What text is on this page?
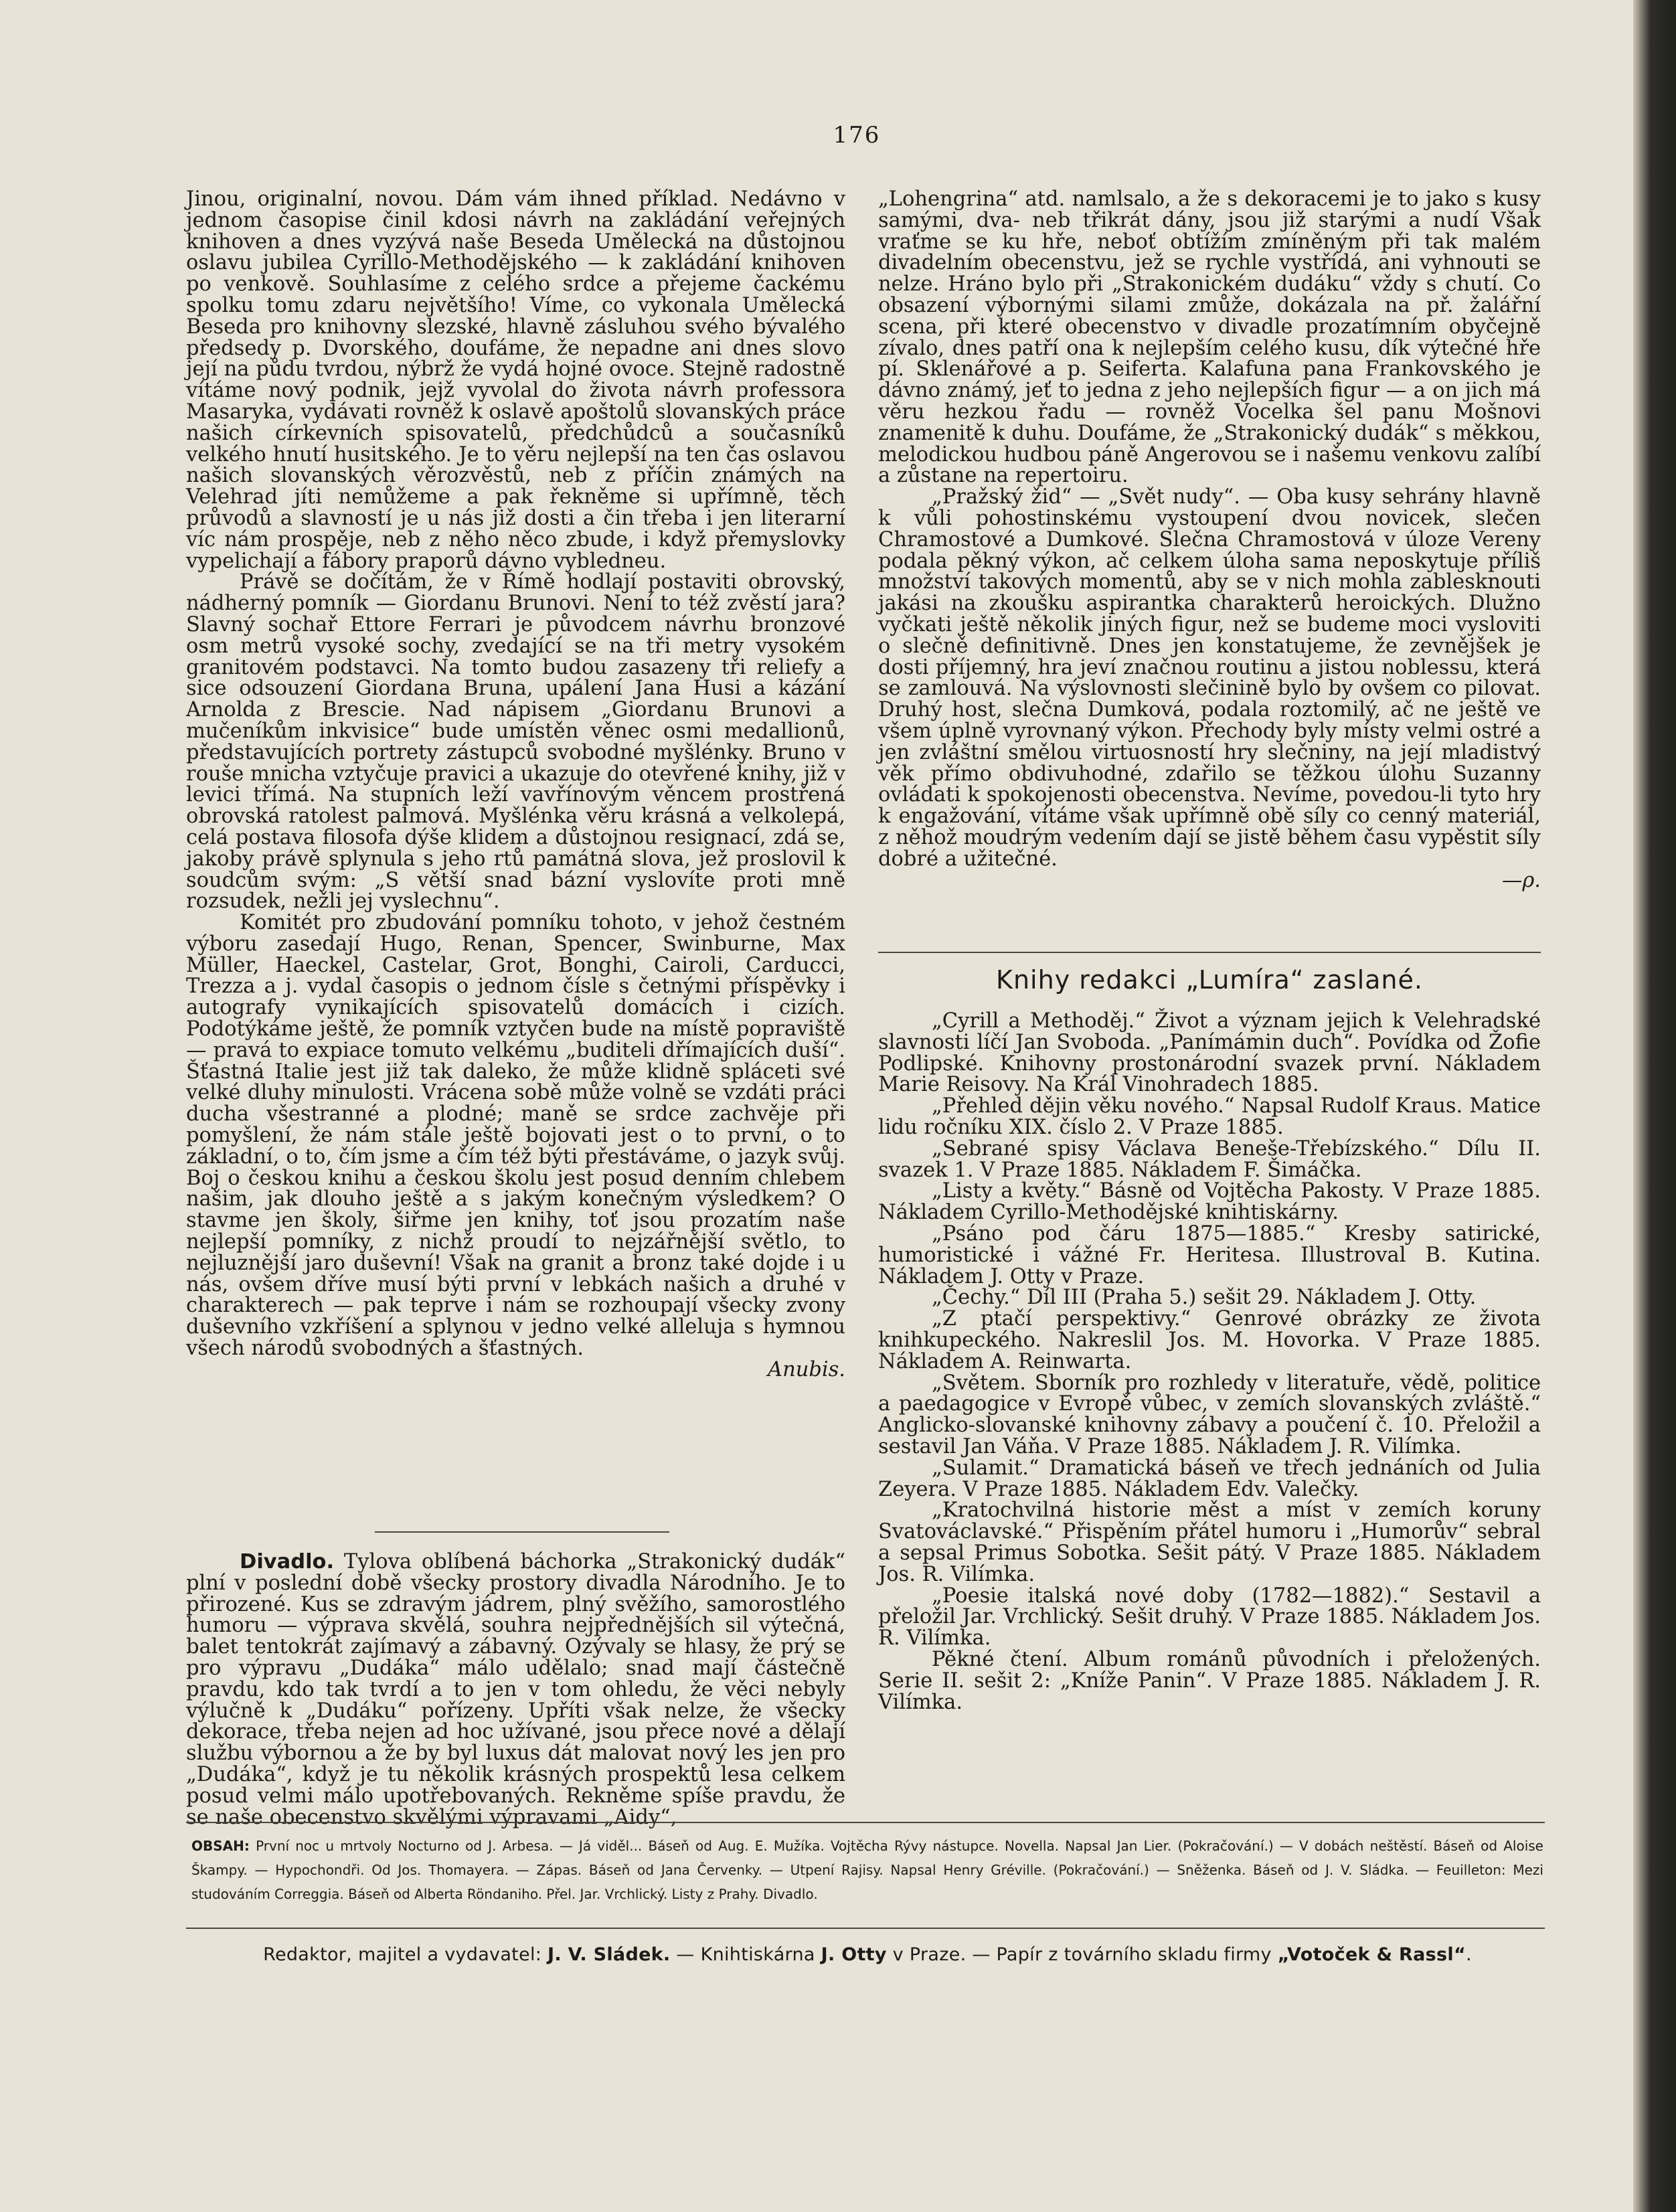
176

Jinou, originalní, novou. Dám vám ihned příklad. Nedávno v jednom časopise činil kdosi návrh na zakládání veřejných knihoven a dnes vyzývá naše Beseda Umělecká na důstojnou oslavu jubilea Cyrillo-Methodějského — k zakládání knihoven po venkově. Souhlasíme z celého srdce a přejeme čackému spolku tomu zdaru největšího! Víme, co vykonala Umělecká Beseda pro knihovny slezské, hlavně zásluhou svého bývalého předsedy p. Dvorského, doufáme, že nepadne ani dnes slovo její na půdu tvrdou, nýbrž že vydá hojné ovoce. Stejně radostně vítáme nový podnik, jejž vyvolal do života návrh professora Masaryka, vydávati rovněž k oslavě apoštolů slovanských práce našich církevních spisovatelů, předchůdců a současníků velkého hnutí husitského. Je to věru nejlepší na ten čas oslavou našich slovanských věrozvěstů, neb z příčin známých na Velehrad jíti nemůžeme a pak řekněme si upřímně, těch průvodů a slavností je u nás již dosti a čin třeba i jen literarní víc nám prospěje, neb z něho něco zbude, i když přemyslovky vypelichají a fábory praporů dávno vybledneu.

Právě se dočítám, že v Římě hodlají postaviti obrovský, nádherný pomník — Giordanu Brunovi. Není to též zvěstí jara? Slavný sochař Ettore Ferrari je původcem návrhu bronzové osm metrů vysoké sochy, zvedající se na tři metry vysokém granitovém podstavci. Na tomto budou zasazeny tři reliefy a sice odsouzení Giordana Bruna, upálení Jana Husi a kázání Arnolda z Brescie. Nad nápisem „Giordanu Brunovi a mučeníkům inkvisice“ bude umístěn věnec osmi medallionů, představujících portrety zástupců svobodné myšlénky. Bruno v rouše mnicha vztyčuje pravici a ukazuje do otevřené knihy, již v levici třímá. Na stupních leží vavřínovým věncem prostřená obrovská ratolest palmová. Myšlénka věru krásná a velkolepá, celá postava filosofa dýše klidem a důstojnou resignací, zdá se, jakoby právě splynula s jeho rtů památná slova, jež proslovil k soudcům svým: „S větší snad bázní vyslovíte proti mně rozsudek, nežli jej vyslechnu“.

Komitét pro zbudování pomníku tohoto, v jehož čestném výboru zasedají Hugo, Renan, Spencer, Swinburne, Max Müller, Haeckel, Castelar, Grot, Bonghi, Cairoli, Carducci, Trezza a j. vydal časopis o jednom čísle s četnými příspěvky i autografy vynikajících spisovatelů domácích i cizích. Podotýkáme ještě, že pomník vztyčen bude na místě popraviště — pravá to expiace tomuto velkému „buditeli dřímajících duší“. Šťastná Italie jest již tak daleko, že může klidně spláceti své velké dluhy minulosti. Vrácena sobě může volně se vzdáti práci ducha všestranné a plodné; maně se srdce zachvěje při pomyšlení, že nám stále ještě bojovati jest o to první, o to základní, o to, čím jsme a čím též býti přestáváme, o jazyk svůj. Boj o českou knihu a českou školu jest posud denním chlebem našim, jak dlouho ještě a s jakým konečným výsledkem? O stavme jen školy, šiřme jen knihy, toť jsou prozatím naše nejlepší pomníky, z nichž proudí to nejzářnější světlo, to nejluznější jaro duševní! Však na granit a bronz také dojde i u nás, ovšem dříve musí býti první v lebkách našich a druhé v charakterech — pak teprve i nám se rozhoupají všecky zvony duševního vzkříšení a splynou v jedno velké alleluja s hymnou všech národů svobodných a šťastných.

Anubis.

Divadlo. Tylova oblíbená báchorka „Strakonický dudák“ plní v poslední době všecky prostory divadla Národního. Je to přirozené. Kus se zdravým jádrem, plný svěžího, samorostlého humoru — výprava skvělá, souhra nejpřednějších sil výtečná, balet tentokrát zajímavý a zábavný. Ozývaly se hlasy, že prý se pro výpravu „Dudáka“ málo udělalo; snad mají částečně pravdu, kdo tak tvrdí a to jen v tom ohledu, že věci nebyly výlučně k „Dudáku“ pořízeny. Upříti však nelze, že všecky dekorace, třeba nejen ad hoc užívané, jsou přece nové a dělají službu výbornou a že by byl luxus dát malovat nový les jen pro „Dudáka“, když je tu několik krásných prospektů lesa celkem posud velmi málo upotřebovaných. Rekněme spíše pravdu, že se naše obecenstvo skvělými výpravami „Aidy“,

„Lohengrina“ atd. namlsalo, a že s dekoracemi je to jako s kusy samými, dva- neb třikrát dány, jsou již starými a nudí Však vraťme se ku hře, neboť obtížím zmíněným při tak malém divadelním obecenstvu, jež se rychle vystřídá, ani vyhnouti se nelze. Hráno bylo při „Strakonickém dudáku“ vždy s chutí. Co obsazení výbornými silami zmůže, dokázala na př. žalářní scena, při které obecenstvo v divadle prozatímním obyčejně zívalo, dnes patří ona k nejlepším celého kusu, dík výtečné hře pí. Sklenářové a p. Seiferta. Kalafuna pana Frankovského je dávno známý, jeť to jedna z jeho nejlepších figur — a on jich má věru hezkou řadu — rovněž Vocelka šel panu Mošnovi znamenitě k duhu. Doufáme, že „Strakonický dudák“ s měkkou, melodickou hudbou páně Angerovou se i našemu venkovu zalíbí a zůstane na repertoiru.

„Pražský žid“ — „Svět nudy“. — Oba kusy sehrány hlavně k vůli pohostinskému vystoupení dvou novicek, slečen Chramostové a Dumkové. Slečna Chramostová v úloze Vereny podala pěkný výkon, ač celkem úloha sama neposkytuje příliš množství takových momentů, aby se v nich mohla zablesknouti jakási na zkoušku aspirantka charakterů heroických. Dlužno vyčkati ještě několik jiných figur, než se budeme moci vysloviti o slečně definitivně. Dnes jen konstatujeme, že zevnějšek je dosti příjemný, hra jeví značnou routinu a jistou noblessu, která se zamlouvá. Na výslovnosti slečinině bylo by ovšem co pilovat. Druhý host, slečna Dumková, podala roztomilý, ač ne ještě ve všem úplně vyrovnaný výkon. Přechody byly místy velmi ostré a jen zvláštní smělou virtuosností hry slečniny, na její mladistvý věk přímo obdivuhodné, zdařilo se těžkou úlohu Suzanny ovládati k spokojenosti obecenstva. Nevíme, povedou-li tyto hry k engažování, vítáme však upřímně obě síly co cenný materiál, z něhož moudrým vedením dají se jistě během času vypěstit síly dobré a užitečné.

—ρ.
Knihy redakci „Lumíra“ zaslané.

„Cyrill a Methoděj.“ Život a význam jejich k Velehradské slavnosti líčí Jan Svoboda. „Panímámin duch“. Povídka od Žofie Podlipské. Knihovny prostonárodní svazek první. Nákladem Marie Reisovy. Na Král Vinohradech 1885.

„Přehled dějin věku nového.“ Napsal Rudolf Kraus. Matice lidu ročníku XIX. číslo 2. V Praze 1885.

„Sebrané spisy Václava Beneše-Třebízského.“ Dílu II. svazek 1. V Praze 1885. Nákladem F. Šimáčka.

„Listy a květy.“ Básně od Vojtěcha Pakosty. V Praze 1885. Nákladem Cyrillo-Methodějské knihtiskárny.

„Psáno pod čáru 1875—1885.“ Kresby satirické, humoristické i vážné Fr. Heritesa. Illustroval B. Kutina. Nákladem J. Otty v Praze.

„Čechy.“ Díl III (Praha 5.) sešit 29. Nákladem J. Otty.

„Z ptačí perspektivy.“ Genrové obrázky ze života knihkupeckého. Nakreslil Jos. M. Hovorka. V Praze 1885. Nákladem A. Reinwarta.

„Světem. Sborník pro rozhledy v literatuře, vědě, politice a paedagogice v Evropě vůbec, v zemích slovanských zvláště.“ Anglicko-slovanské knihovny zábavy a poučení č. 10. Přeložil a sestavil Jan Váňa. V Praze 1885. Nákladem J. R. Vilímka.

„Sulamit.“ Dramatická báseň ve třech jednáních od Julia Zeyera. V Praze 1885. Nákladem Edv. Valečky.

„Kratochvilná historie měst a míst v zemích koruny Svatováclavské.“ Přispěním přátel humoru i „Humorův“ sebral a sepsal Primus Sobotka. Sešit pátý. V Praze 1885. Nákladem Jos. R. Vilímka.

„Poesie italská nové doby (1782—1882).“ Sestavil a přeložil Jar. Vrchlický. Sešit druhý. V Praze 1885. Nákladem Jos. R. Vilímka.

Pěkné čtení. Album románů původních i přeložených. Serie II. sešit 2: „Kníže Panin“. V Praze 1885. Nákladem J. R. Vilímka.

OBSAH: První noc u mrtvoly Nocturno od J. Arbesa. — Já viděl... Báseň od Aug. E. Mužíka. Vojtěcha Rývy nástupce. Novella. Napsal Jan Lier. (Pokračování.) — V dobách neštěstí. Báseň od Aloise Škampy. — Hypochondři. Od Jos. Thomayera. — Zápas. Báseň od Jana Červenky. — Utpení Rajisy. Napsal Henry Gréville. (Pokračování.) — Sněženka. Báseň od J. V. Sládka. — Feuilleton: Mezi studováním Correggia. Báseň od Alberta Röndaniho. Přel. Jar. Vrchlický. Listy z Prahy. Divadlo.
Redaktor, majitel a vydavatel: J. V. Sládek. — Knihtiskárna J. Otty v Praze. — Papír z továrního skladu firmy „Votoček & Rassl“.
